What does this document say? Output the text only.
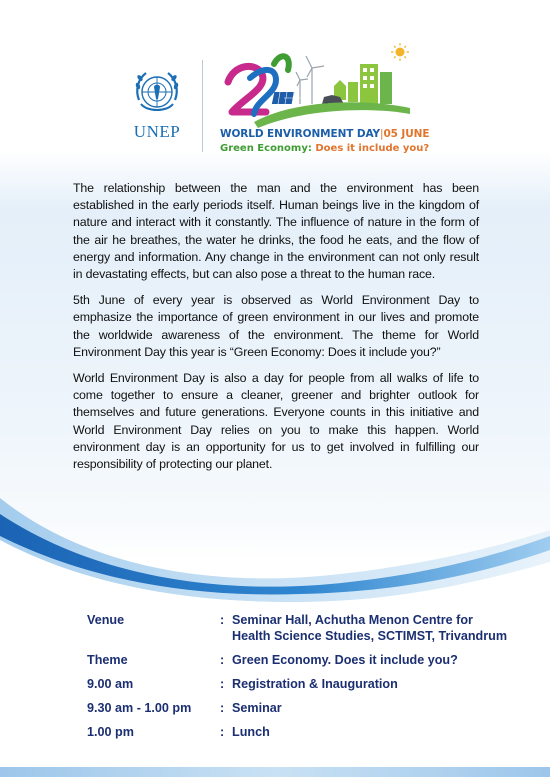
UNEP	WORLD ENVIRONMENT DAY|05 JUNE
Green Economy: Does it include you?

The relationship between the man and the environment has been established in the early periods itself. Human beings live in the kingdom of nature and interact with it constantly. The influence of nature in the form of the air he breathes, the water he drinks, the food he eats, and the flow of energy and information. Any change in the environment can not only result in devastating effects, but can also pose a threat to the human race.

5th June of every year is observed as World Environment Day to emphasize the importance of green environment in our lives and promote the worldwide awareness of the environment. The theme for World Environment Day this year is “Green Economy: Does it include you?”

World Environment Day is also a day for people from all walks of life to come together to ensure a cleaner, greener and brighter outlook for themselves and future generations. Everyone counts in this initiative and World Environment Day relies on you to make this happen. World environment day is an opportunity for us to get involved in fulfilling our responsibility of protecting our planet.

Venue	: Seminar Hall, Achutha Menon Centre for
Health Science Studies, SCTIMST, Trivandrum
Theme	: Green Economy. Does it include you?
9.00 am	: Registration & Inauguration
9.30 am - 1.00 pm	: Seminar
1.00 pm	: Lunch
